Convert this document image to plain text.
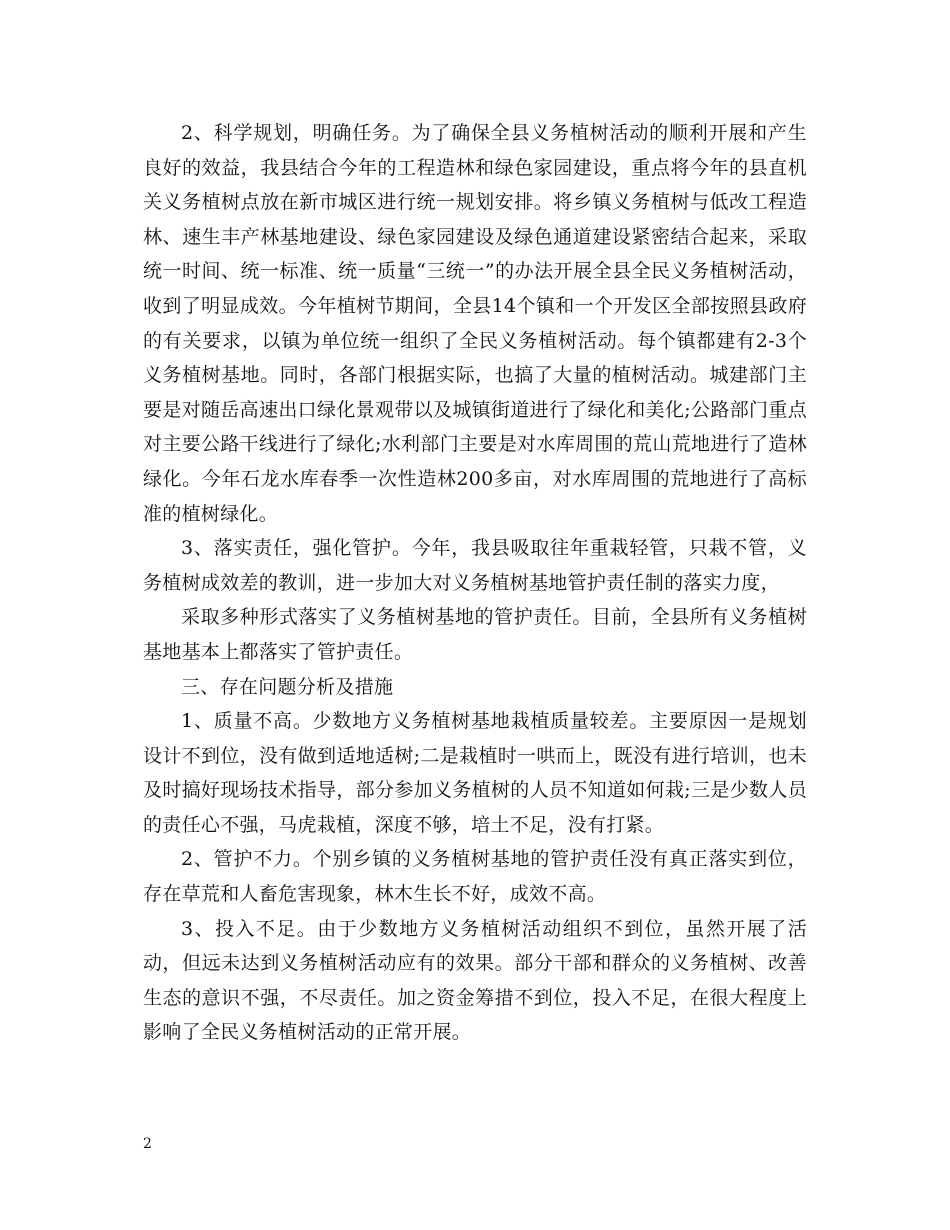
2、科学规划，明确任务。为了确保全县义务植树活动的顺利开展和产生良好的效益，我县结合今年的工程造林和绿色家园建设，重点将今年的县直机关义务植树点放在新市城区进行统一规划安排。将乡镇义务植树与低改工程造林、速生丰产林基地建设、绿色家园建设及绿色通道建设紧密结合起来，采取统一时间、统一标准、统一质量“三统一”的办法开展全县全民义务植树活动，收到了明显成效。今年植树节期间，全县14个镇和一个开发区全部按照县政府的有关要求，以镇为单位统一组织了全民义务植树活动。每个镇都建有2-3个义务植树基地。同时，各部门根据实际，也搞了大量的植树活动。城建部门主要是对随岳高速出口绿化景观带以及城镇街道进行了绿化和美化;公路部门重点对主要公路干线进行了绿化;水利部门主要是对水库周围的荒山荒地进行了造林绿化。今年石龙水库春季一次性造林200多亩，对水库周围的荒地进行了高标准的植树绿化。

3、落实责任，强化管护。今年，我县吸取往年重栽轻管，只栽不管，义务植树成效差的教训，进一步加大对义务植树基地管护责任制的落实力度，

采取多种形式落实了义务植树基地的管护责任。目前，全县所有义务植树基地基本上都落实了管护责任。

三、存在问题分析及措施

1、质量不高。少数地方义务植树基地栽植质量较差。主要原因一是规划设计不到位，没有做到适地适树;二是栽植时一哄而上，既没有进行培训，也未及时搞好现场技术指导，部分参加义务植树的人员不知道如何栽;三是少数人员的责任心不强，马虎栽植，深度不够，培土不足，没有打紧。

2、管护不力。个别乡镇的义务植树基地的管护责任没有真正落实到位，存在草荒和人畜危害现象，林木生长不好，成效不高。

3、投入不足。由于少数地方义务植树活动组织不到位，虽然开展了活动，但远未达到义务植树活动应有的效果。部分干部和群众的义务植树、改善生态的意识不强，不尽责任。加之资金筹措不到位，投入不足，在很大程度上影响了全民义务植树活动的正常开展。

2
